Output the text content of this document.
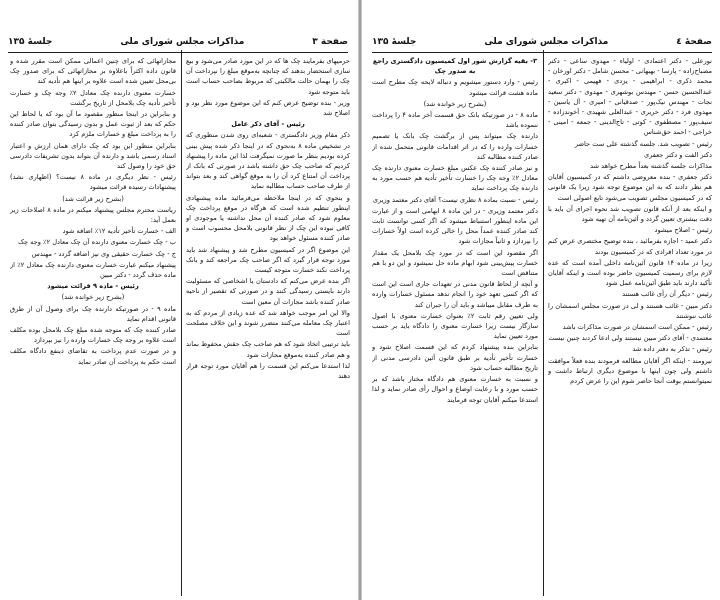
صفحة ٣
مذاکرات مجلس شورای ملی
جلسهٔ ۱۳۵

حرمیهای بفرمایند چک ‌ها که در این مورد صادر می‌شود و بیع سازی استحضار بدهند که چنانچه به‌موقع مبلغ را نپرداخت آن چک را بهمان حالت مالکیتی که مربوط بصاحب حساب است باید متوجه شود

وزیر - بنده توضیح عرض کنم که این موضوع مورد نظر بود و اصلاح شد

رئیس - آقای ذکر عامل

ذکر مقام وزیر دادگستری - شعبه‌ای روی شدن منظوری که در تشخیص ماده ۸ به‌نحوی که در اینجا ذکر شده پیش بینی کرده بودیم بنظر ما صورت نمیگرفت لذا این ماده را پیشنهاد کردیم که صاحب چک حق داشته باشد در صورتی که بانک از پرداخت آن امتناع کرد آن را به موقع گواهی کند و بعد بتواند از طرف صاحب حساب مطالبه نماید

و بنحوی که در اینجا ملاحظه می‌فرمائید ماده پیشنهادی اینطور تنظیم شده است که هرگاه در موقع پرداخت چک معلوم شود که صادر کننده آن محل نداشته یا موجودی او کافی نبوده این چک از نظر قانونی بلامحل محسوب است و صادر کننده مسئول خواهد بود

این موضوع اگر در کمیسیون مطرح شد و پیشنهاد شد باید مورد توجه قرار گیرد که اگر صاحب چک مراجعه کند و بانک پرداخت نکند خسارت متوجه کیست

اگر بنده عرض می‌کنم که دادستان یا اشخاصی که مسئولیت دارند بایستی رسیدگی کنند و در صورتی که تقصیر از ناحیه صادر کننده باشد مجازات آن معین است

والا این امر موجب خواهد شد که عده زیادی از مردم که به اعتبار چک معامله می‌کنند متضرر شوند و این خلاف مصلحت است

باید ترتیبی اتخاذ شود که هم صاحب چک حقش محفوظ بماند و هم صادر کننده به‌موقع مجازات شود

لذا استدعا می‌کنم این قسمت را هم آقایان مورد توجه قرار دهند

مجازاتهائی که برای چنین اعمالی ممکن است مقرر شده و قانون داده اکثراً باعلاوه بر مجازاتهائی که برای صدور چک بی‌محل تعیین شده است علاوه بر اینها هم تأدیه کند

خسارت معنوی دارنده چک معادل ۲٪ وجه چک و خسارت تأخیر تأدیه چک بلامحل از تاریخ برگشت

و بنابراین در اینجا منظور مقصود ما آن بود که با لحاظ این حکم که بعد از ثبوت عمل و بدون رسیدگی بتوان صادر کننده را به پرداخت مبلغ و خسارات ملزم کرد

بنابراین منظور این بود که چک دارای همان ارزش و اعتبار اسناد رسمی باشد و دارنده آن بتواند بدون تشریفات دادرسی حق خود را وصول کند

رئیس - نظر دیگری در ماده ۸ نیست؟ (اظهاری نشد) پیشنهادات رسیده قرائت میشود

(بشرح زیر قرائت شد)

ریاست محترم مجلس پیشنهاد میکنم در ماده ۸ اصلاحات زیر بعمل آید:

الف - خسارت تأخیر تأدیه ۱۲٪ اضافه شود

ب - چک خسارت معنوی دارنده آن چک معادل ۲٪ وجه چک

ج - چک خسارت حقیقی وی نیز اضافه گردد - مهندس

پیشنهاد میکنم عبارت خسارت معنوی دارنده چک معادل ۲٪ از ماده حذف گردد - دکتر مبین

رئیس - ماده ۹ قرائت میشود

(بشرح زیر خوانده شد)

ماده ۹ - در صورتیکه دارنده چک برای وصول آن از طرق قانونی اقدام نماید

صادر کننده چک که متوجه شده مبلغ چک بلامحل بوده مکلف است علاوه بر وجه چک خسارات وارده را نیز بپردازد

و در صورت عدم پرداخت به تقاضای ذینفع دادگاه مکلف است حکم به پرداخت آن صادر نماید

صفحهٔ ٤
مذاکرات مجلس شورای ملی
جلسهٔ ۱۳۵

نورعلی - دکتر اعتمادی - اولیاء - مهدوی ساعی - دکتر مصباح‌زاده - پارسا - بهبهانی - محسن شامل - دکتر اورخان - محمد ذکری - ابراهیمی - یزدی - فهیمی - اکبری - عبدالحسین حسن - مهندس بوشهری - مهدوی - دکتر سعید نجات - مهندس نیک‌پور - صدقیانی - امیری - آل یاسین - مهدوی فرد - دکتر حریری - عبدالعلی شهیدی - آخوندزاده - سیف‌پور - مصطفوی - کوتی - تاج‌الدینی - جمعه - امینی - خراجی - احمد حق‌شناس

رئیس - تصویب شد. جلسه گذشته علی ست حاضر

دکتر الفت و دکتر جعفری

مذاکرات جلسه گذشته بعداً مطرح خواهد شد

دکتر جعفری - بنده معروضی داشتم که در کمیسیون آقایان هم نظر دادند که به این موضوع توجه شود زیرا یک قانونی که در کمیسیون مجلس تصویب می‌شود تابع اصولی است

و اینکه بعد از آنکه قانون تصویب شد نحوه اجرای آن باید با دقت بیشتری تعیین گردد و آئین‌نامه آن تهیه شود

رئیس - اصلاح میشود

دکتر عمید - اجازه بفرمائید ، بنده توضیح مختصری عرض کنم در مورد تعداد افرادی که در کمیسیون بودند

زیرا در ماده ۱۴ قانون آئین‌نامه داخلی آمده است که عده لازم برای رسمیت کمیسیون حاضر بوده است و اینکه آقایان تأکید دارند باید طبق آئین‌نامه عمل شود

رئیس - دیگر آن رأی غائب هستند

دکتر مبین - غائب هستند و لی در صورت مجلس اسمشان را غائب ننوشتند

رئیس - ممکن است اسمشان در صورت مذاکرات باشد

معتمدی - آقای دکتر مبین نیستند ولی ادعا کردند چنین نیست

رئیس - تذکر به دفتر داده شد

نیرومند - اینکه اگر آقایان مطالعه فرمودند بنده فعلاً موافقت داشتم ولی چون اینها با موضوع دیگری ارتباط داشت و نمیتوانستم بوقت آنجا حاضر شوم این را عرض کردم

۳- بقیه گزارش شور اول کمیسیون دادگستری راجع به صدور چک

رئیس - وارد دستور میشویم و دنباله لایحه چک مطرح است ماده هشت قرائت میشود

(بشرح زیر خوانده شد)

ماده ۸ - در صورتیکه بانک حق قسمت آخر ماده ۴ را پرداخت ننموده باشد

دارنده چک میتواند پس از برگشت چک بانک یا تصمیم خسارات وارده را که در اثر اقدامات قانونی متحمل شده از صادر کننده مطالبه کند

و نیز صادر کننده چک عکس مبلغ خسارت معنوی دارنده چک معادل ۲٪ وجه چک را خسارت تأخیر تأدیه هم حسب مورد به دارنده چک پرداخت نماید

رئیس - نسبت بماده ۸ نظری نیست؟ آقای دکتر معتمد وزیری

دکتر معتمد وزیری - در این ماده ۸ ابهامی است و از عبارت این ماده اینطور استنباط میشود که اگر کسی توانست ثابت کند صادر کننده عمداً محل را خالی کرده است اولاً خسارات را بپردازد و ثانیاً مجازات شود

اگر مقصود این است که در مورد چک بلامحل یک مقدار خسارت پیش‌بینی شود ابهام ماده حل نمیشود و این دو با هم متناقض است

و آنچه از لحاظ قانون مدنی در تعهدات جاری است این است که اگر کسی تعهد خود را انجام ندهد مسئول خسارات وارده به طرف مقابل میباشد و باید آن را جبران کند

ولی تعیین رقم ثابت ۲٪ بعنوان خسارت معنوی با اصول سازگار نیست زیرا خسارت معنوی را دادگاه باید بر حسب مورد تعیین نماید

بنابراین بنده پیشنهاد کردم که این قسمت اصلاح شود و خسارت تأخیر تأدیه بر طبق قانون آئین دادرسی مدنی از تاریخ مطالبه حساب شود

و نسبت به خسارت معنوی هم دادگاه مختار باشد که بر حسب مورد و با رعایت اوضاع و احوال رأی صادر نماید و لذا استدعا میکنم آقایان توجه فرمایند
